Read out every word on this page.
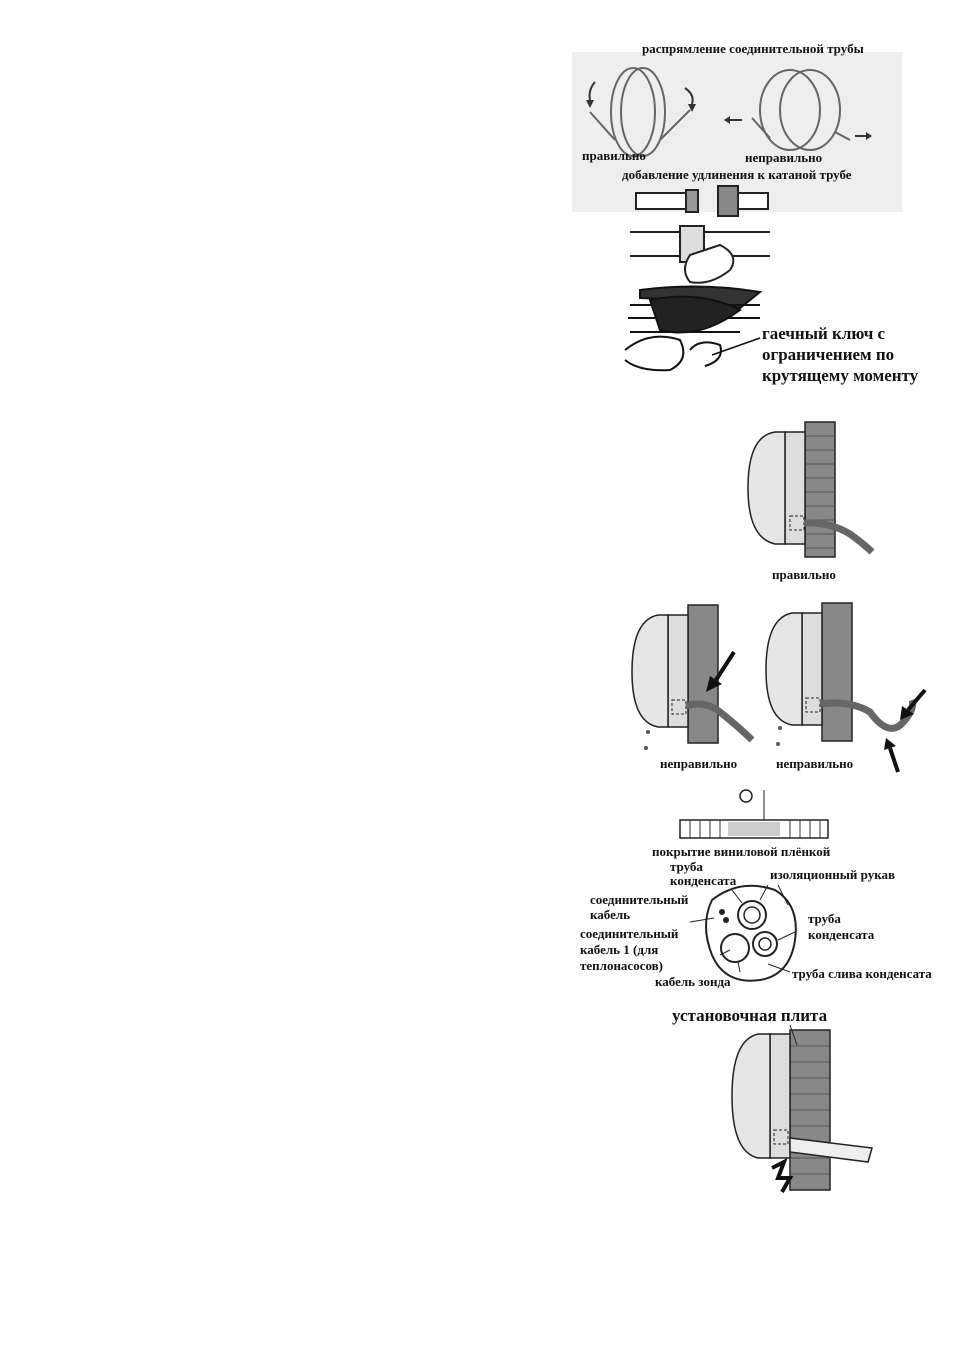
распрямление соединительной трубы
правильно	неправильно
добавление удлинения к катаной трубе
гаечный ключ с
ограничением по
крутящему моменту
правильно
неправильно	неправильно
покрытие виниловой плёнкой
труба
конденсата	изоляционный рукав
соединительный
кабель
соединительный
кабель 1 (для
теплонасосов)
труба
конденсата
кабель зонда
труба слива конденсата
установочная плита
